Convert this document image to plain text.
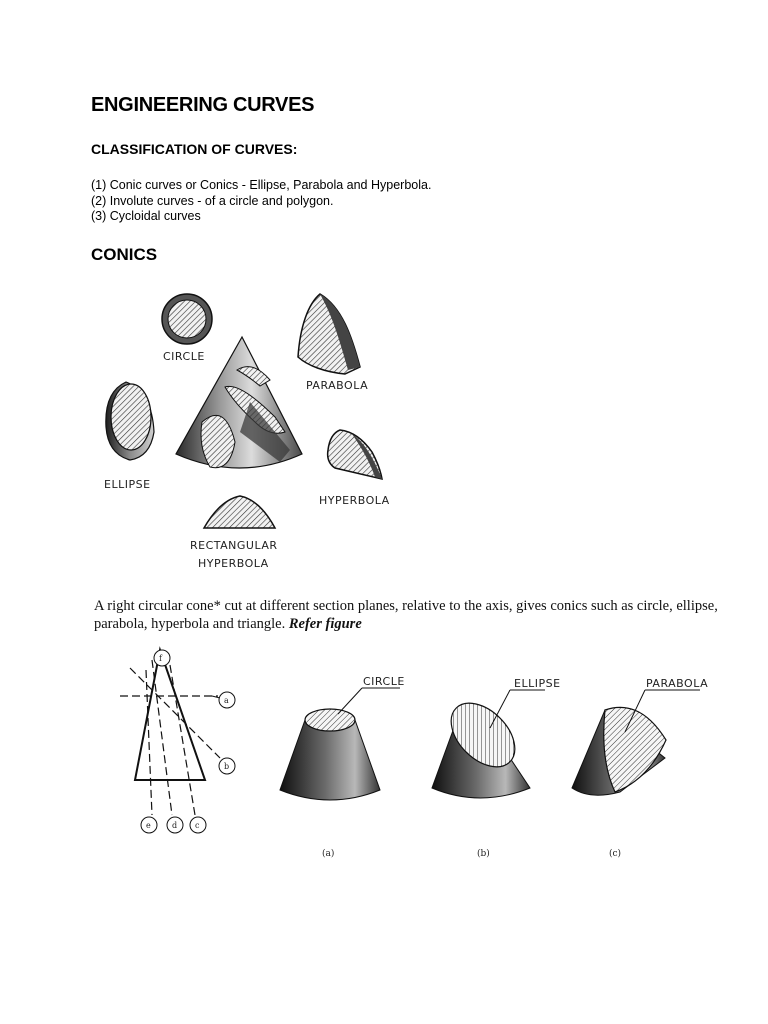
ENGINEERING CURVES
CLASSIFICATION OF CURVES:
(1) Conic curves or Conics - Ellipse, Parabola and Hyperbola.
(2) Involute curves - of a circle and polygon.
(3) Cycloidal curves
CONICS
CIRCLE
PARABOLA
ELLIPSE
HYPERBOLA
RECTANGULAR
HYPERBOLA
A right circular cone* cut at different section planes, relative to the axis, gives conics such as circle, ellipse, parabola, hyperbola and triangle. Refer figure
f
a
b
e	d c
CIRCLE
(a)
ELLIPSE
(b)
PARABOLA
(c)
